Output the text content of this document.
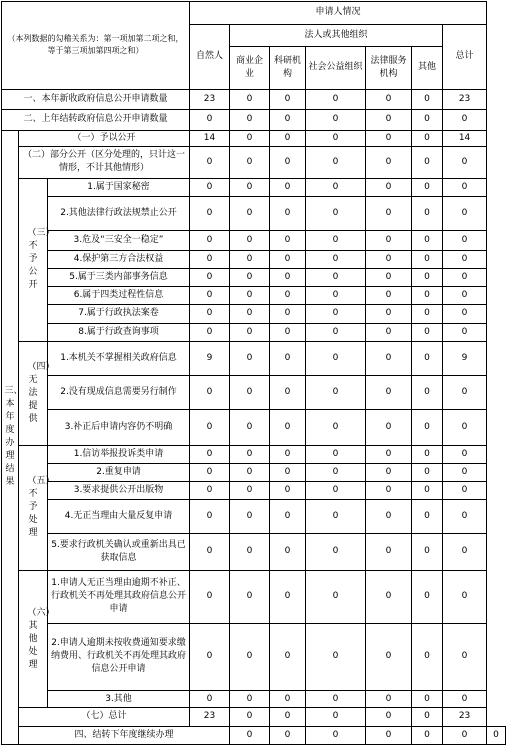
（本列数据的勾稽关系为：第一项加第二项之和，等于第三项加第四项之和）			申请人情况							
			自然人	法人或其他组织					总计	
				商业企业	科研机构	社会公益组织	法律服务机构	其他		

一、本年新收政府信息公开申请数量			23	0	0	0	0	0	23	
二、上年结转政府信息公开申请数量			0	0	0	0	0	0	0	

三、本年度办理结果	（一）予以公开		14	0	0	0	0	0	14	
	（二）部分公开（区分处理的，只计这一情形，不计其他情形）		0	0	0	0	0	0	0	

	（三）不予公开	1.属于国家秘密	0	0	0	0	0	0	0	
		2.其他法律行政法规禁止公开	0	0	0	0	0	0	0	
		3.危及“三安全一稳定”	0	0	0	0	0	0	0	
		4.保护第三方合法权益	0	0	0	0	0	0	0	
		5.属于三类内部事务信息	0	0	0	0	0	0	0	
		6.属于四类过程性信息	0	0	0	0	0	0	0	
		7.属于行政执法案卷	0	0	0	0	0	0	0	
		8.属于行政查询事项	0	0	0	0	0	0	0	

	（四）无法提供	1.本机关不掌握相关政府信息	9	0	0	0	0	0	9	
		2.没有现成信息需要另行制作	0	0	0	0	0	0	0	
		3.补正后申请内容仍不明确	0	0	0	0	0	0	0	

	（五）不予处理	1.信访举报投诉类申请	0	0	0	0	0	0	0	
		2.重复申请	0	0	0	0	0	0	0	
		3.要求提供公开出版物	0	0	0	0	0	0	0	
		4.无正当理由大量反复申请	0	0	0	0	0	0	0	
		5.要求行政机关确认或重新出具已获取信息	0	0	0	0	0	0	0	

	（六）其他处理	1.申请人无正当理由逾期不补正、行政机关不再处理其政府信息公开申请	0	0	0	0	0	0	0	
		2.申请人逾期未按收费通知要求缴纳费用、行政机关不再处理其政府信息公开申请	0	0	0	0	0	0	0	
		3.其他	0	0	0	0	0	0	0	
	（七）总计		23	0	0	0	0	0	23	
	四、结转下年度继续办理			0	0	0	0	0	0	0
